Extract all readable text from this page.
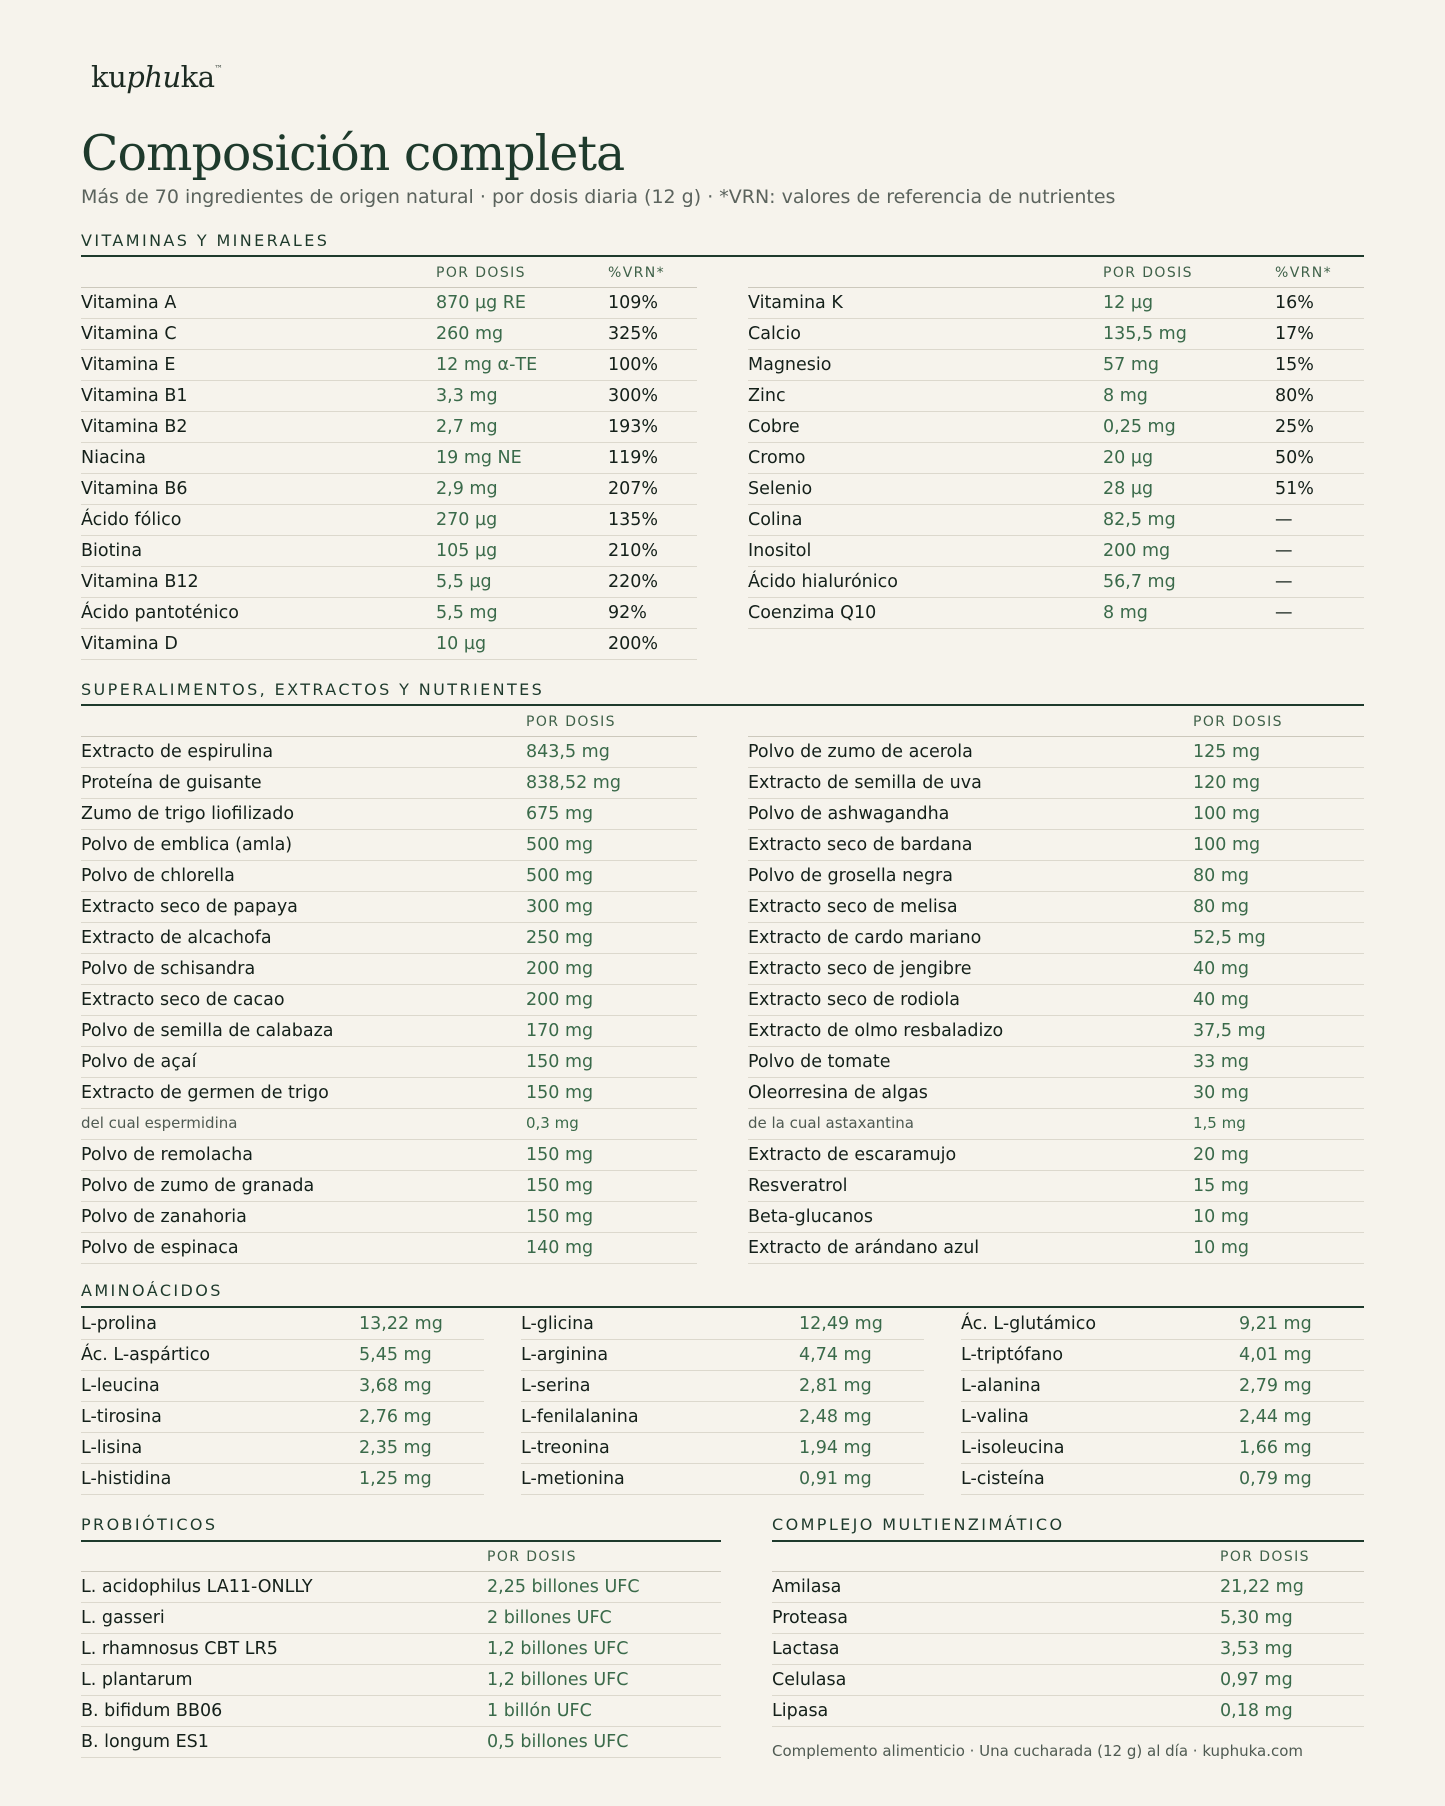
kuphuka™
Composición completa
Más de 70 ingredientes de origen natural · por dosis diaria (12 g) · *VRN: valores de referencia de nutrientes
VITAMINAS Y MINERALES
POR DOSIS	%VRN*
Vitamina A	870 µg RE	109%
Vitamina C	260 mg	325%
Vitamina E	12 mg α-TE	100%
Vitamina B1	3,3 mg	300%
Vitamina B2	2,7 mg	193%
Niacina	19 mg NE	119%
Vitamina B6	2,9 mg	207%
Ácido fólico	270 µg	135%
Biotina	105 µg	210%
Vitamina B12	5,5 µg	220%
Ácido pantoténico	5,5 mg	92%
Vitamina D	10 µg	200%
POR DOSIS	%VRN*
Vitamina K	12 µg	16%
Calcio	135,5 mg	17%
Magnesio	57 mg	15%
Zinc	8 mg	80%
Cobre	0,25 mg	25%
Cromo	20 µg	50%
Selenio	28 µg	51%
Colina	82,5 mg	—
Inositol	200 mg	—
Ácido hialurónico	56,7 mg	—
Coenzima Q10	8 mg	—
SUPERALIMENTOS, EXTRACTOS Y NUTRIENTES
POR DOSIS
Extracto de espirulina	843,5 mg
Proteína de guisante	838,52 mg
Zumo de trigo liofilizado	675 mg
Polvo de emblica (amla)	500 mg
Polvo de chlorella	500 mg
Extracto seco de papaya	300 mg
Extracto de alcachofa	250 mg
Polvo de schisandra	200 mg
Extracto seco de cacao	200 mg
Polvo de semilla de calabaza	170 mg
Polvo de açaí	150 mg
Extracto de germen de trigo	150 mg
del cual espermidina	0,3 mg
Polvo de remolacha	150 mg
Polvo de zumo de granada	150 mg
Polvo de zanahoria	150 mg
Polvo de espinaca	140 mg
POR DOSIS
Polvo de zumo de acerola	125 mg
Extracto de semilla de uva	120 mg
Polvo de ashwagandha	100 mg
Extracto seco de bardana	100 mg
Polvo de grosella negra	80 mg
Extracto seco de melisa	80 mg
Extracto de cardo mariano	52,5 mg
Extracto seco de jengibre	40 mg
Extracto seco de rodiola	40 mg
Extracto de olmo resbaladizo	37,5 mg
Polvo de tomate	33 mg
Oleorresina de algas	30 mg
de la cual astaxantina	1,5 mg
Extracto de escaramujo	20 mg
Resveratrol	15 mg
Beta-glucanos	10 mg
Extracto de arándano azul	10 mg
AMINOÁCIDOS
L-prolina	13,22 mg
Ác. L-aspártico	5,45 mg
L-leucina	3,68 mg
L-tirosina	2,76 mg
L-lisina	2,35 mg
L-histidina	1,25 mg
L-glicina	12,49 mg
L-arginina	4,74 mg
L-serina	2,81 mg
L-fenilalanina	2,48 mg
L-treonina	1,94 mg
L-metionina	0,91 mg
Ác. L-glutámico	9,21 mg
L-triptófano	4,01 mg
L-alanina	2,79 mg
L-valina	2,44 mg
L-isoleucina	1,66 mg
L-cisteína	0,79 mg
PROBIÓTICOS
POR DOSIS
L. acidophilus LA11-ONLLY	2,25 billones UFC
L. gasseri	2 billones UFC
L. rhamnosus CBT LR5	1,2 billones UFC
L. plantarum	1,2 billones UFC
B. bifidum BB06	1 billón UFC
B. longum ES1	0,5 billones UFC
COMPLEJO MULTIENZIMÁTICO
POR DOSIS
Amilasa	21,22 mg
Proteasa	5,30 mg
Lactasa	3,53 mg
Celulasa	0,97 mg
Lipasa	0,18 mg
Complemento alimenticio · Una cucharada (12 g) al día · kuphuka.com
